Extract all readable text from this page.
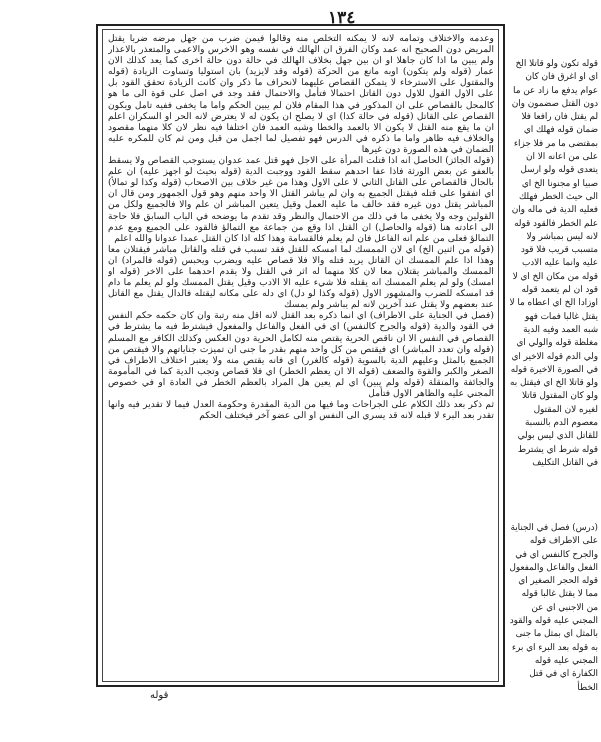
١٣٤

وعدمه والاختلاف وتمامه لانه لا يمكنه التخلص منه وقالوا فيمن ضرب من جهل مرضه ضربا يقتل المريض دون الصحيح انه عمد وكان الفرق ان الهالك في نفسه وهو الاخرس والاعمى والمتعذر بالاعذار ولم يبين ما اذا كان جاهلا او ان بين جهل بخلاف الهالك في حالة دون حالة اخرى كما يعد كذلك الان عمار (قوله ولم يتكون) اوبه مانع من الحركة (قوله وقد لايزيد) بان استوليا وتساوت الزيادة (قوله والمقتول على الاسترخاء لا يتمكن القصاص عليهما لانحراف ما ذكر وان كانت الزيادة تحقق القود بل على الاول القول للاول دون القاتل احتمالا فتأمل والاحتمال فقد وجد في اصل على قوة الى ما هو كالمحل بالقصاص على ان المذكور في هذا المقام فلان لم يبين الحكم واما ما يخفى ففيه تامل ويكون القصاص على القاتل (قوله في حالة كذا) اي لا يصلح ان يكون له لا يعترض لانه الحر او السكران اعلم ان ما يقع منه القتل لا يكون الا بالعمد والخطا وشبه العمد فان اختلفا فيه نظر لان كلا منهما مقصود والخلاف فيه ظاهر واما ما ذكره في الدرس فهو تفصيل لما اجمل من قبل ومن ثم كان للمكره عليه الضمان في هذه الصورة دون غيرها

(قوله الجائز) الحاصل انه اذا قتلت المرأة على الاجل فهو قتل عمد عدوان يستوجب القصاص ولا يسقط بالعفو عن بعض الورثة فاذا عفا احدهم سقط القود ووجبت الدية (قوله بحيث لو اجهز عليه) ان علم بالحال فالقصاص على القاتل الثاني لا على الاول وهذا من غير خلاف بين الاصحاب (قوله وكذا لو تمالأ) اي اتفقوا على قتله فيقتل الجميع به وان لم يباشر القتل الا واحد منهم وهو قول الجمهور ومن قال ان المباشر يقتل دون غيره فقد خالف ما عليه العمل وقيل يتعين المباشر ان علم والا فالجميع ولكل من القولين وجه ولا يخفى ما في ذلك من الاحتمال والنظر وقد تقدم ما يوضحه في الباب السابق فلا حاجة الى اعادته هنا (قوله والحاصل) ان القتل اذا وقع من جماعة مع التمالؤ فالقود على الجميع ومع عدم التمالؤ فعلى من علم انه الفاعل فان لم يعلم فالقسامة وهذا كله اذا كان القتل عمدا عدوانا والله اعلم

(قوله من اثنين الخ) اي لان الممسك لما امسكه للقتل فقد تسبب في قتله والقاتل مباشر فيقتلان معا وهذا اذا علم الممسك ان القاتل يريد قتله والا فلا قصاص عليه ويضرب ويحبس (قوله فالمراد) ان الممسك والمباشر يقتلان معا لان كلا منهما له اثر في القتل ولا يقدم احدهما على الاخر (قوله او امسك) ولو لم يعلم الممسك انه يقتله فلا شيء عليه الا الادب وقيل يقتل الممسك ولو لم يعلم ما دام قد امسكه للضرب والمشهور الاول (قوله وكذا لو دل) اي دله على مكانه ليقتله فالدال يقتل مع القاتل عند بعضهم ولا يقتل عند آخرين لانه لم يباشر ولم يمسك

(فصل في الجناية على الاطراف) اي انما ذكره بعد القتل لانه اقل منه رتبة وان كان حكمه حكم النفس في القود والدية (قوله والجرح كالنفس) اي في الفعل والفاعل والمفعول فيشترط فيه ما يشترط في القصاص في النفس الا ان ناقص الحرية يقتص منه لكامل الحرية دون العكس وكذلك الكافر مع المسلم (قوله وان تعدد المباشر) اي فيقتص من كل واحد منهم بقدر ما جنى ان تميزت جناياتهم والا فيقتص من الجميع بالمثل وعليهم الدية بالسوية (قوله كالغرر) اي فانه يقتص منه ولا يعتبر اختلاف الاطراف في الصغر والكبر والقوة والضعف (قوله الا ان يعظم الخطر) اي فلا قصاص وتجب الدية كما في المأمومة والجائفة والمنقلة (قوله ولم يبين) اي لم يعين هل المراد بالعظم الخطر في العادة او في خصوص المجني عليه والظاهر الاول فتأمل

ثم ذكر بعد ذلك الكلام على الجراحات وما فيها من الدية المقدرة وحكومة العدل فيما لا تقدير فيه وانها تقدر بعد البرء لا قبله لانه قد يسري الى النفس او الى عضو آخر فيختلف الحكم

قوله تكون ولو قاتلا الخ اي او اغرق فان كان عوام يدفع ما زاد عن ما دون القتل صضمون وان لم يقتل فان رافعا فلا ضمان قوله فهلك اي بمقتضى ما مر فلا جزاء على من اعانه الا ان يتعدى قوله ولو ارسل صبيا او مجنونا الخ اي الى حيث الخطر فهلك فعليه الدية في ماله وان علم الخطر فالقود قوله لانه ليس بمباشر ولا متسبب قريب فلا قود عليه وانما عليه الادب قوله من مكان الخ اي لا قود ان لم يتعمد قوله اوزادا الخ اي اعطاه ما لا يقتل غالبا فمات فهو شبه العمد وفيه الدية مغلظة قوله والولي اي ولي الدم قوله الاخير اي في الصورة الاخيرة قوله ولو قاتلا الخ اي فيقتل به ولو كان المقتول قاتلا لغيره لان المقتول معصوم الدم بالنسبة للقاتل الذي ليس بولي قوله شرط اي يشترط في القاتل التكليف
(درس) فصل في الجناية على الاطراف قوله والجرح كالنفس اي في الفعل والفاعل والمفعول قوله الحجر الصغير اي مما لا يقتل غالبا قوله من الاجنبي اي عن المجني عليه قوله والقود بالمثل اي بمثل ما جنى به قوله بعد البرء اي برء المجني عليه قوله الكفارة اي في قتل الخطأ
قوله
